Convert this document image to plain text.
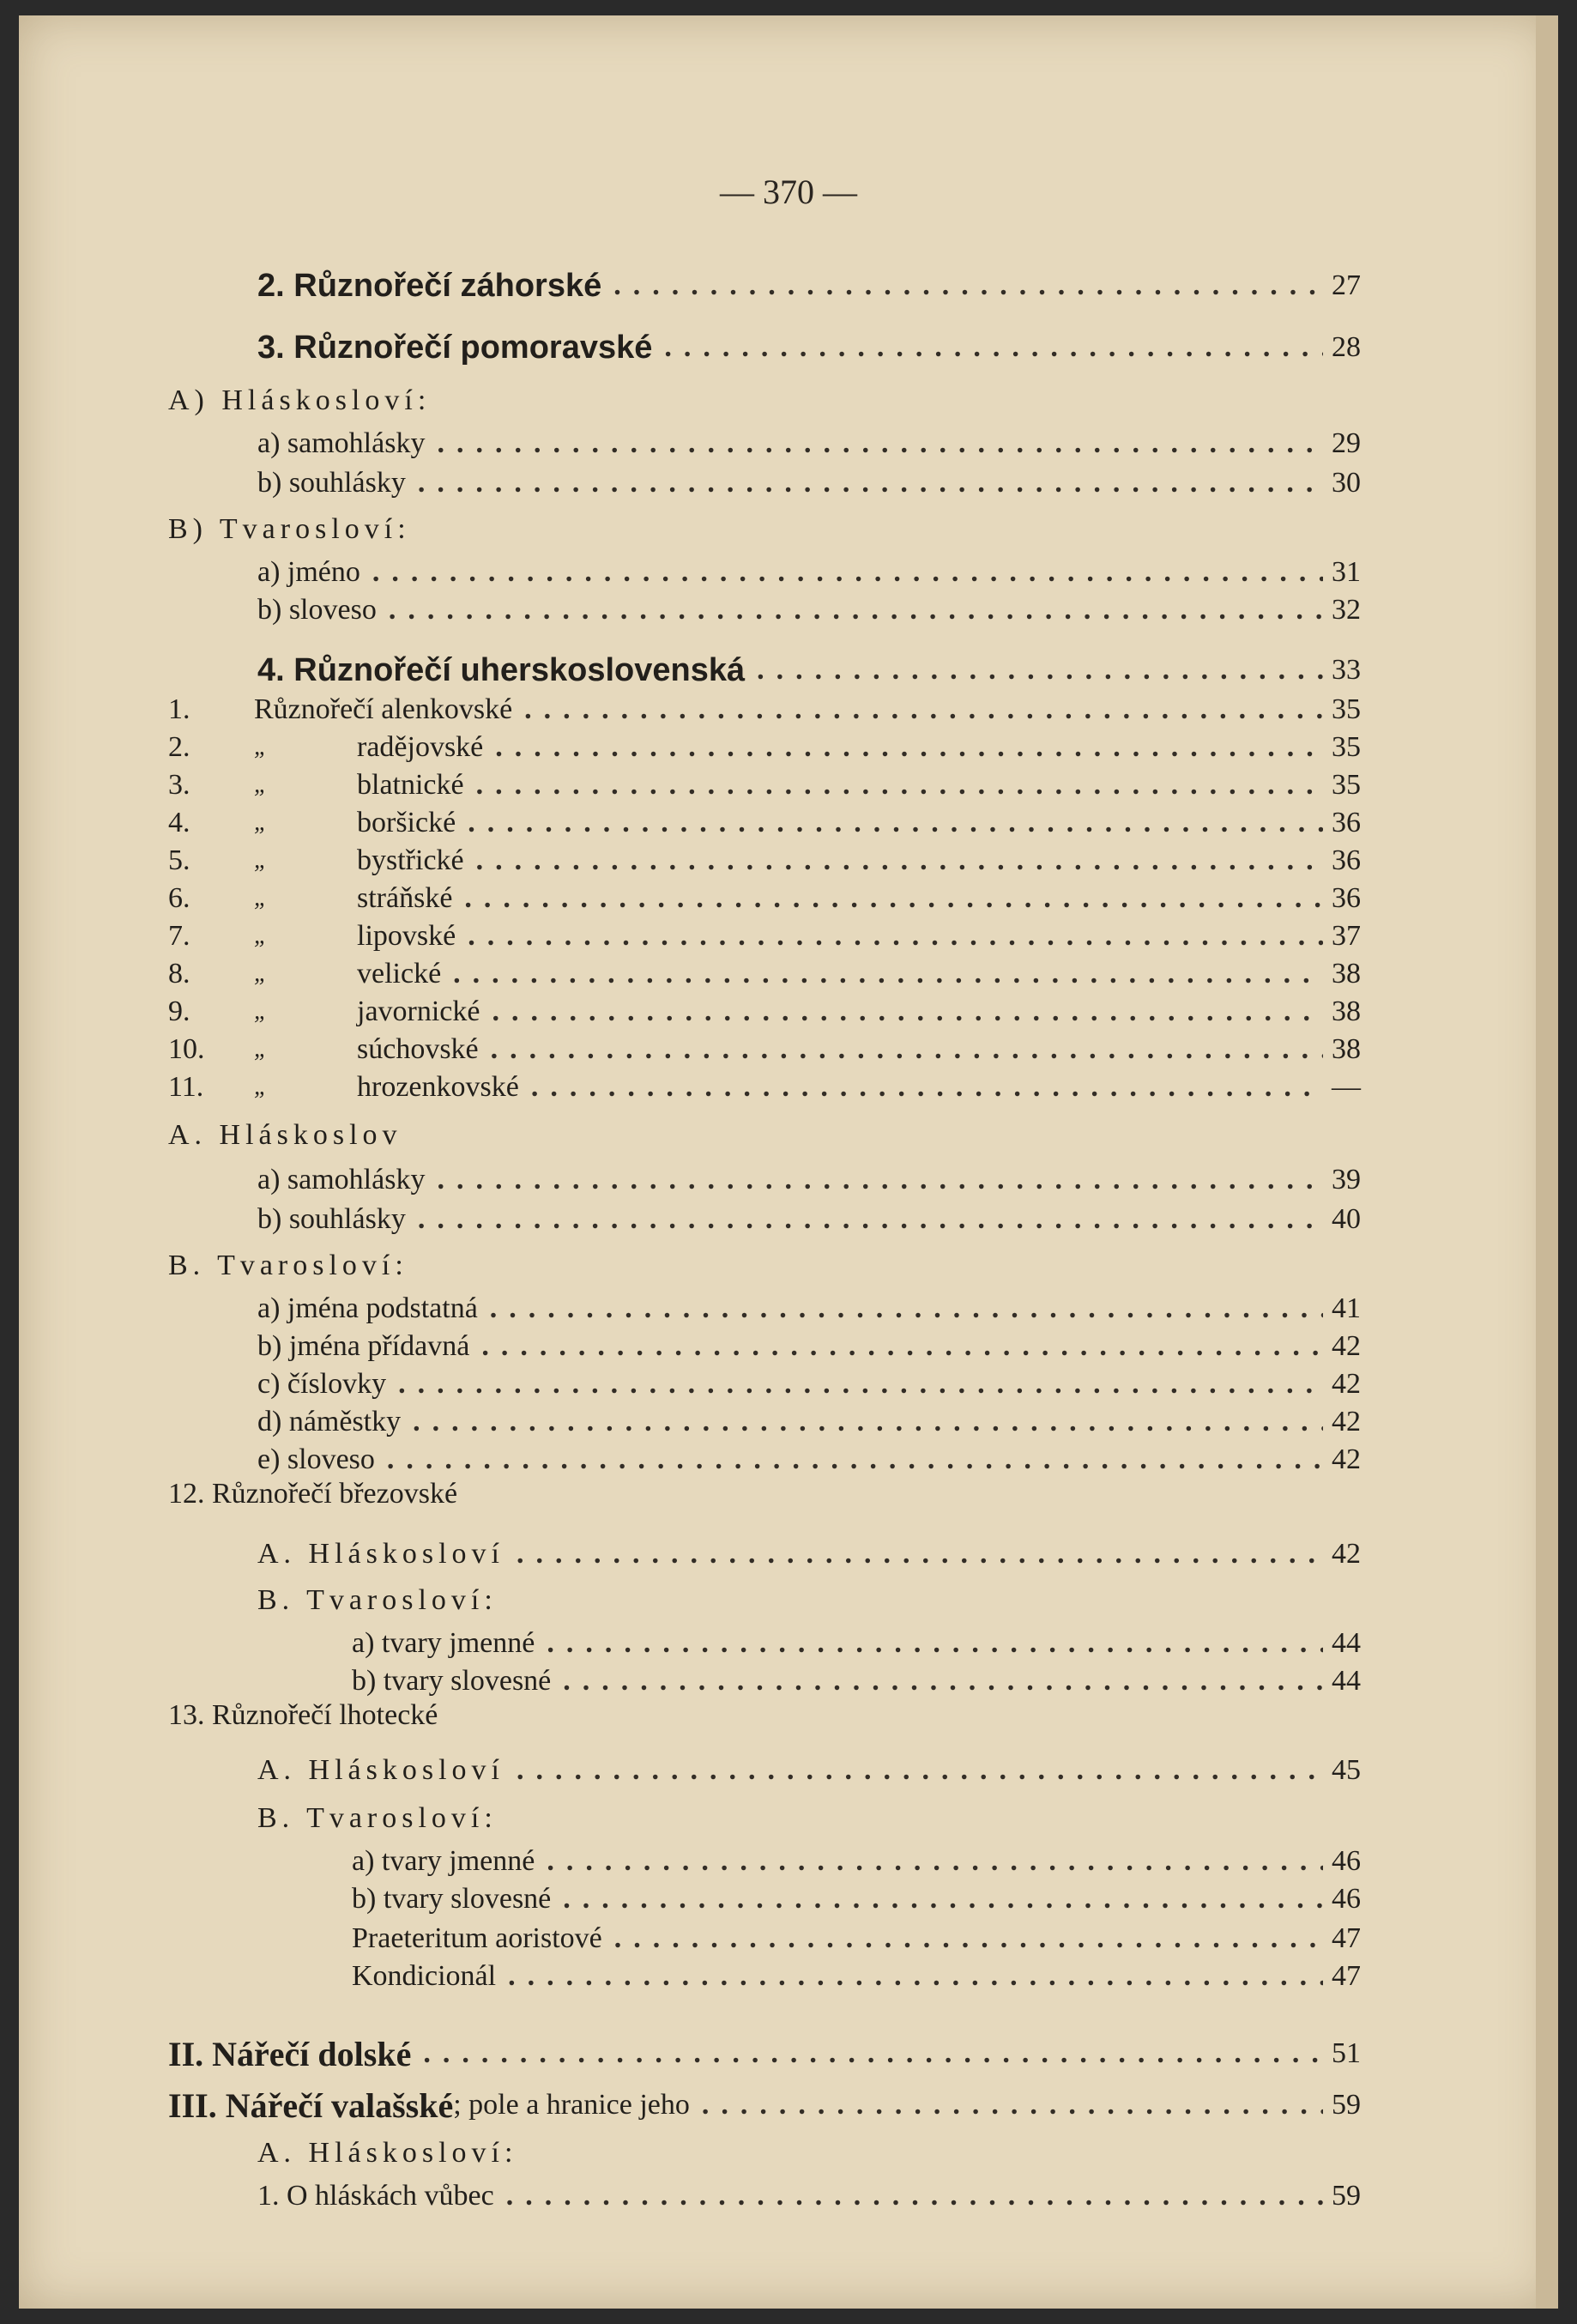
— 370 —
2. Různořečí záhorské .....	27
3. Různořečí pomoravské .....	28
A) Hláskosloví:
a) samohlásky .....	29
b) souhlásky .....	30
B) Tvarosloví:
a) jméno .....	31
b) sloveso .....	32
4. Různořečí uherskoslovenská .....	33
1.	Různořečí alenkovské .....	35
2.	„	radějovské .....	35
3.	„	blatnické .....	35
4.	„	boršické .....	36
5.	„	bystřické .....	36
6.	„	stráňské .....	36
7.	„	lipovské .....	37
8.	„	velické .....	38
9.	„	javornické .....	38
10.	„	súchovské .....	38
11.	„	hrozenkovské .....	—
A. Hláskoslov
a) samohlásky .....	39
b) souhlásky .....	40
B. Tvarosloví:
a) jména podstatná .....	41
b) jména přídavná .....	42
c) číslovky .....	42
d) náměstky .....	42
e) sloveso .....	42
12. Různořečí březovské
A. Hláskosloví .....	42
B. Tvarosloví:
a) tvary jmenné .....	44
b) tvary slovesné .....	44
13. Různořečí lhotecké
A. Hláskosloví .....	45
B. Tvarosloví:
a) tvary jmenné .....	46
b) tvary slovesné .....	46
Praeteritum aoristové .....	47
Kondicionál .....	47
II. Nářečí dolské .....	51
III. Nářečí valašské ; pole a hranice jeho .....	59
A. Hláskosloví:
1. O hláskách vůbec .....	59
